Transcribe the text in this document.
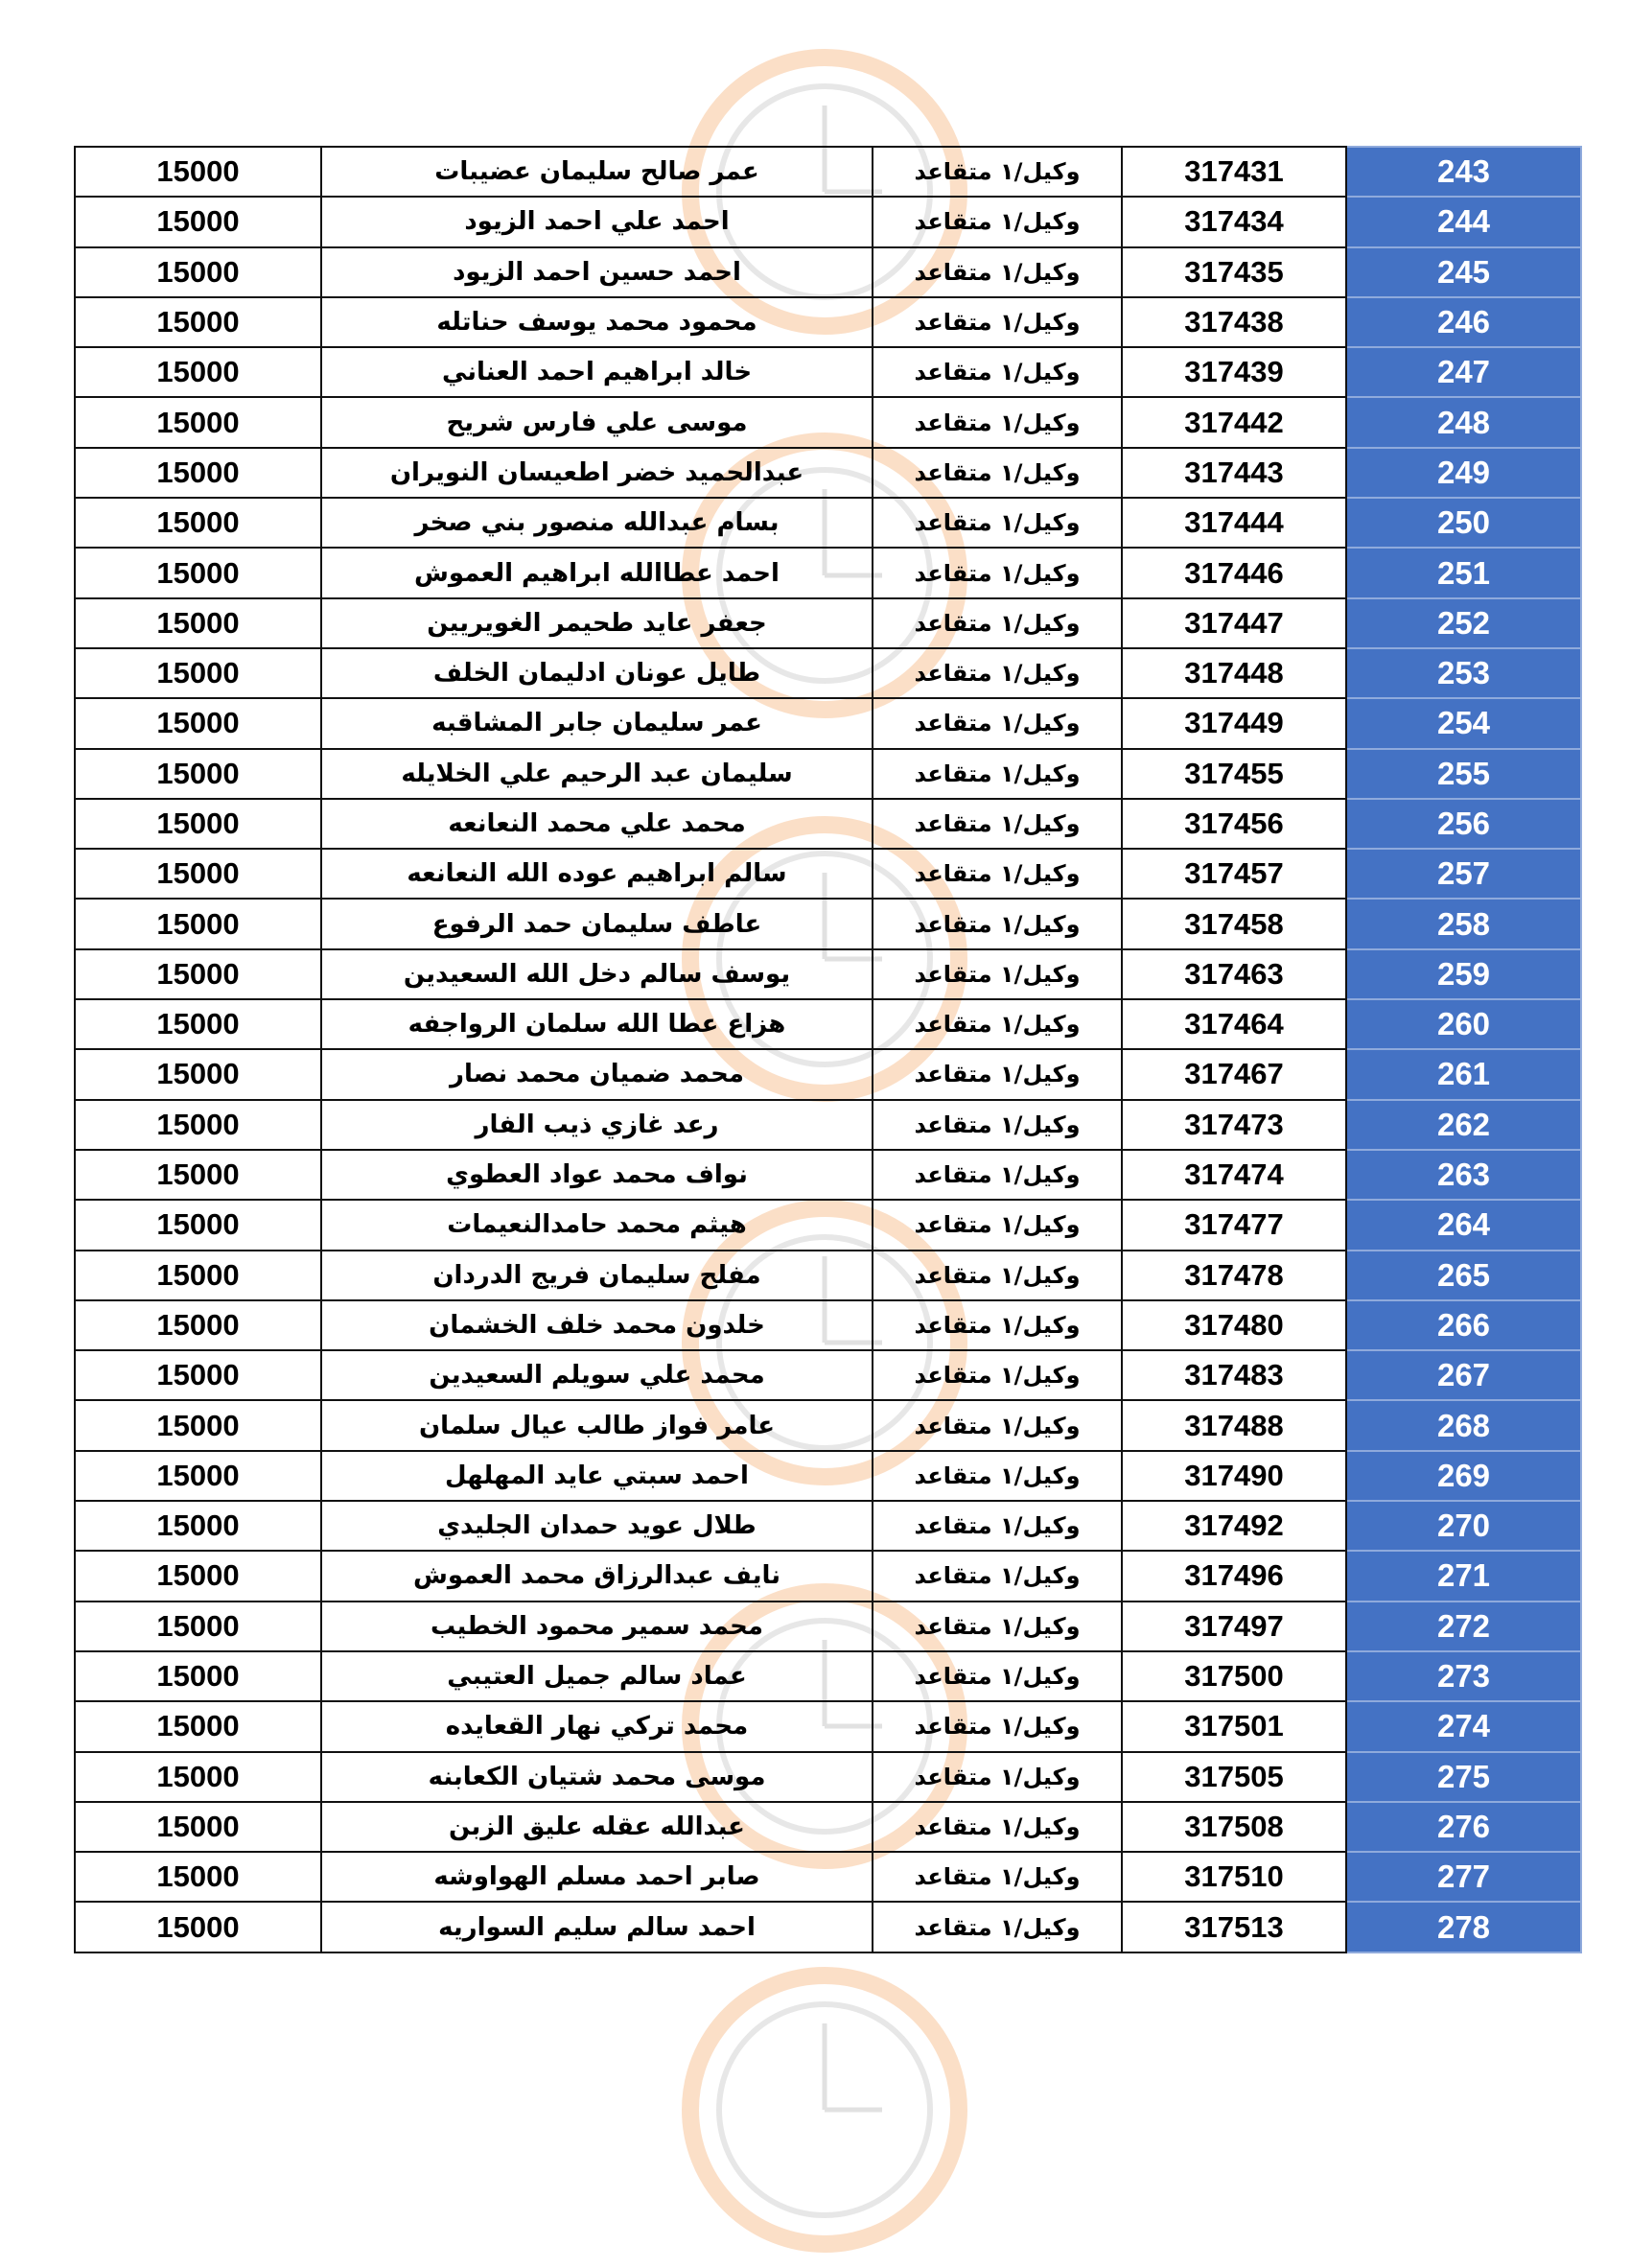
15000	عمر صالح سليمان عضيبات	وكيل/١ متقاعد	317431	243
15000	احمد علي احمد الزيود	وكيل/١ متقاعد	317434	244
15000	احمد حسين احمد الزيود	وكيل/١ متقاعد	317435	245
15000	محمود محمد يوسف حناتله	وكيل/١ متقاعد	317438	246
15000	خالد ابراهيم احمد العناني	وكيل/١ متقاعد	317439	247
15000	موسى علي فارس شريح	وكيل/١ متقاعد	317442	248
15000	عبدالحميد خضر اطعيسان النويران	وكيل/١ متقاعد	317443	249
15000	بسام عبدالله منصور بني صخر	وكيل/١ متقاعد	317444	250
15000	احمد عطاالله ابراهيم العموش	وكيل/١ متقاعد	317446	251
15000	جعفر عايد طحيمر الغويريين	وكيل/١ متقاعد	317447	252
15000	طايل عونان ادليمان الخلف	وكيل/١ متقاعد	317448	253
15000	عمر سليمان جابر المشاقبه	وكيل/١ متقاعد	317449	254
15000	سليمان عبد الرحيم علي الخلايله	وكيل/١ متقاعد	317455	255
15000	محمد علي محمد النعانعه	وكيل/١ متقاعد	317456	256
15000	سالم ابراهيم عوده الله النعانعه	وكيل/١ متقاعد	317457	257
15000	عاطف سليمان حمد الرفوع	وكيل/١ متقاعد	317458	258
15000	يوسف سالم دخل الله السعيدين	وكيل/١ متقاعد	317463	259
15000	هزاع عطا الله سلمان الرواجفه	وكيل/١ متقاعد	317464	260
15000	محمد ضميان محمد نصار	وكيل/١ متقاعد	317467	261
15000	رعد غازي ذيب الفار	وكيل/١ متقاعد	317473	262
15000	نواف محمد عواد العطوي	وكيل/١ متقاعد	317474	263
15000	هيثم محمد حامدالنعيمات	وكيل/١ متقاعد	317477	264
15000	مفلح سليمان فريج الدردان	وكيل/١ متقاعد	317478	265
15000	خلدون محمد خلف الخشمان	وكيل/١ متقاعد	317480	266
15000	محمد علي سويلم السعيدين	وكيل/١ متقاعد	317483	267
15000	عامر فواز طالب عيال سلمان	وكيل/١ متقاعد	317488	268
15000	احمد سبتي عايد المهلهل	وكيل/١ متقاعد	317490	269
15000	طلال عويد حمدان الجليدي	وكيل/١ متقاعد	317492	270
15000	نايف عبدالرزاق محمد العموش	وكيل/١ متقاعد	317496	271
15000	محمد سمير محمود الخطيب	وكيل/١ متقاعد	317497	272
15000	عماد سالم جميل العتيبي	وكيل/١ متقاعد	317500	273
15000	محمد تركي نهار القعايده	وكيل/١ متقاعد	317501	274
15000	موسى محمد شتيان الكعابنه	وكيل/١ متقاعد	317505	275
15000	عبدالله عقله عليق الزبن	وكيل/١ متقاعد	317508	276
15000	صابر احمد مسلم الهواوشه	وكيل/١ متقاعد	317510	277
15000	احمد سالم سليم السواريه	وكيل/١ متقاعد	317513	278
